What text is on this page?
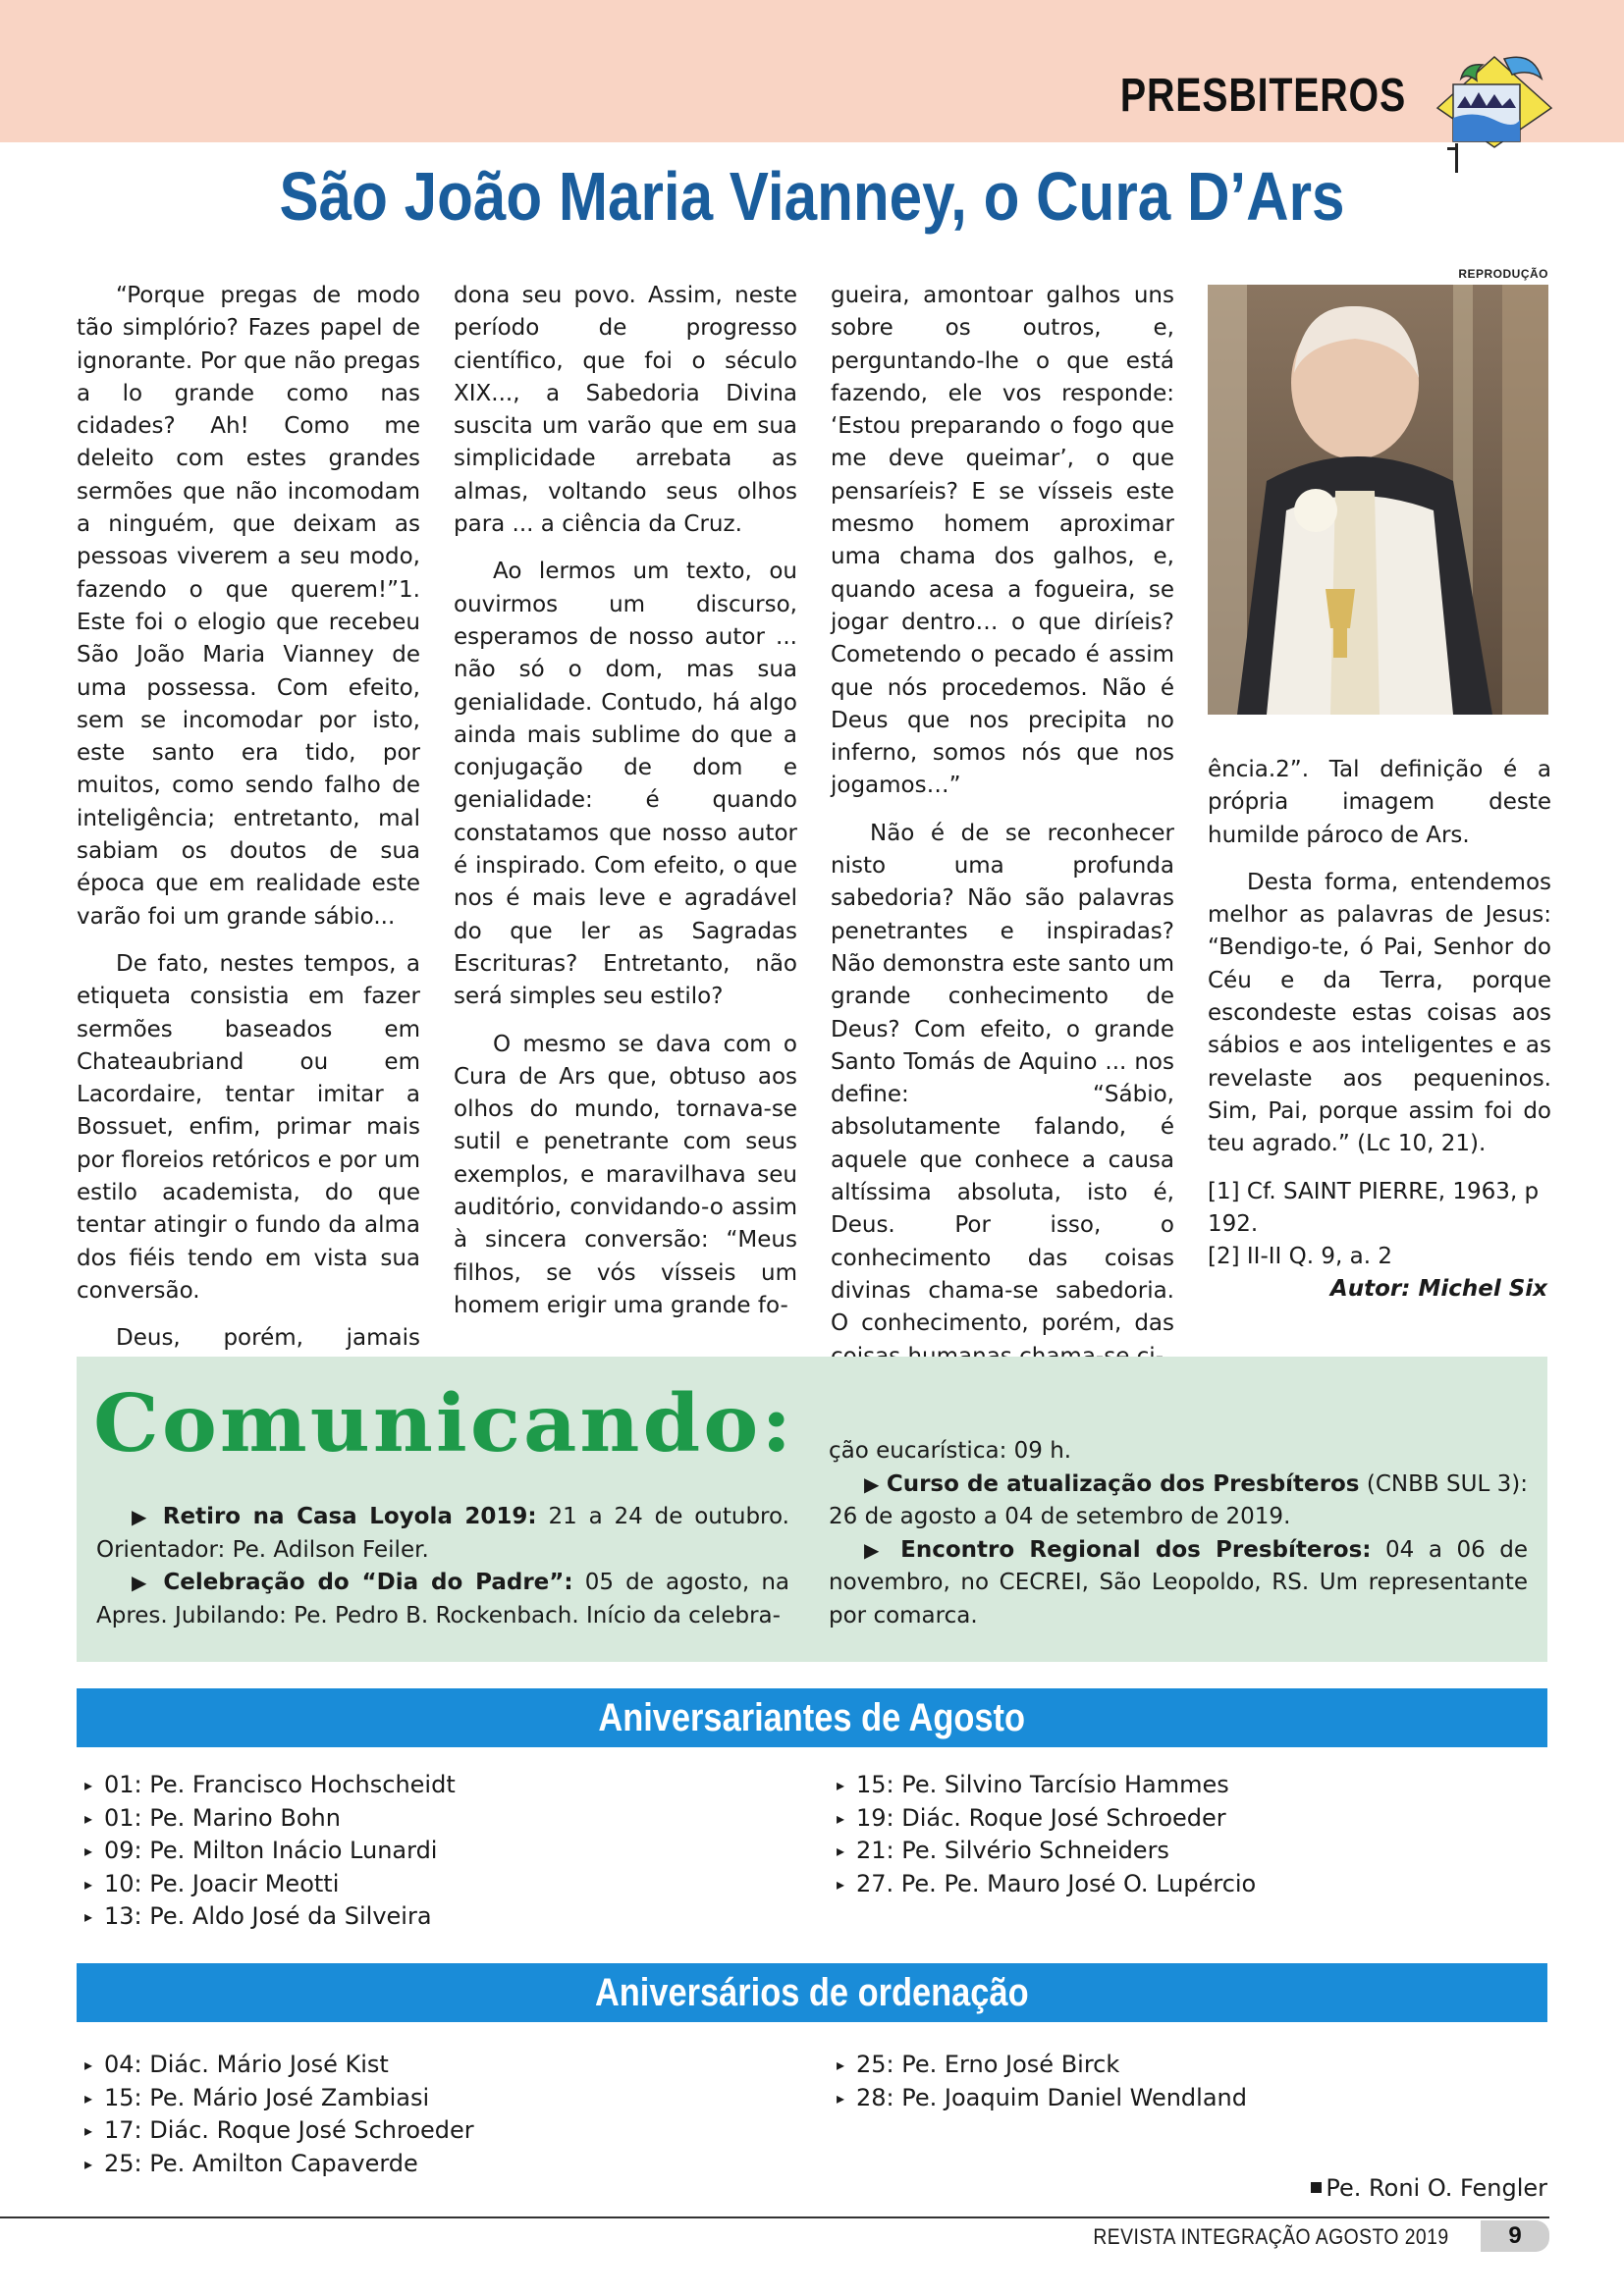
PRESBITEROS
São João Maria Vianney, o Cura D’Ars

“Porque pregas de modo tão simplório? Fazes papel de ignorante. Por que não pregas a lo grande como nas cidades? Ah! Como me deleito com estes grandes sermões que não incomodam a ninguém, que deixam as pessoas viverem a seu modo, fazendo o que querem!”1. Este foi o elogio que recebeu São João Maria Vianney de uma possessa. Com efeito, sem se incomodar por isto, este santo era tido, por muitos, como sendo falho de inteligência; entretanto, mal sabiam os doutos de sua época que em realidade este varão foi um grande sábio...

De fato, nestes tempos, a etiqueta consistia em fazer sermões baseados em Chateaubriand ou em Lacordaire, tentar imitar a Bossuet, enfim, primar mais por floreios retóricos e por um estilo academista, do que tentar atingir o fundo da alma dos fiéis tendo em vista sua conversão.

Deus, porém, jamais

dona seu povo. Assim, neste período de progresso científico, que foi o século XIX..., a Sabedoria Divina suscita um varão que em sua simplicidade arrebata as almas, voltando seus olhos para ... a ciência da Cruz.

Ao lermos um texto, ou ouvirmos um discurso, esperamos de nosso autor ... não só o dom, mas sua genialidade. Contudo, há algo ainda mais sublime do que a conjugação de dom e genialidade: é quando constatamos que nosso autor é inspirado. Com efeito, o que nos é mais leve e agradável do que ler as Sagradas Escrituras? Entretanto, não será simples seu estilo?

O mesmo se dava com o Cura de Ars que, obtuso aos olhos do mundo, tornava-se sutil e penetrante com seus exemplos, e maravilhava seu auditório, convidando-o assim à sincera conversão: “Meus filhos, se vós vísseis um homem erigir uma grande fo-

gueira, amontoar galhos uns sobre os outros, e, perguntando-lhe o que está fazendo, ele vos responde: ‘Estou preparando o fogo que me deve queimar’, o que pensaríeis? E se vísseis este mesmo homem aproximar uma chama dos galhos, e, quando acesa a fogueira, se jogar dentro… o que diríeis? Cometendo o pecado é assim que nós procedemos. Não é Deus que nos precipita no inferno, somos nós que nos jogamos…”

Não é de se reconhecer nisto uma profunda sabedoria? Não são palavras penetrantes e inspiradas? Não demonstra este santo um grande conhecimento de Deus? Com efeito, o grande Santo Tomás de Aquino ... nos define: “Sábio, absolutamente falando, é aquele que conhece a causa altíssima absoluta, isto é, Deus. Por isso, o conhecimento das coisas divinas chama-se sabedoria. O conhecimento, porém, das

REPRODUÇÃO

ência.2”. Tal definição é a própria imagem deste humilde pároco de Ars.

Desta forma, entendemos melhor as palavras de Jesus: “Bendigo-te, ó Pai, Senhor do Céu e da Terra, porque escondeste estas coisas aos sábios e aos inteligentes e as revelaste aos pequeninos. Sim, Pai, porque assim foi do teu agrado.” (Lc 10, 21).

[1] Cf. SAINT PIERRE, 1963, p 192.
[2] II-II Q. 9, a. 2
Autor: Michel Six
Comunicando:

▶ Retiro na Casa Loyola 2019: 21 a 24 de outubro. Orientador: Pe. Adilson Feiler.

▶ Celebração do “Dia do Padre”: 05 de agosto, na Apres. Jubilando: Pe. Pedro B. Rockenbach. Início da celebra-

ção eucarística: 09 h.

▶ Curso de atualização dos Presbíteros (CNBB SUL 3): 26 de agosto a 04 de setembro de 2019.

▶ Encontro Regional dos Presbíteros: 04 a 06 de novembro, no CECREI, São Leopoldo, RS. Um representante por comarca.

Aniversariantes de Agosto
▸ 01: Pe. Francisco Hochscheidt
▸ 01: Pe. Marino Bohn
▸ 09: Pe. Milton Inácio Lunardi
▸ 10: Pe. Joacir Meotti
▸ 13: Pe. Aldo José da Silveira
▸ 15: Pe. Silvino Tarcísio Hammes
▸ 19: Diác. Roque José Schroeder
▸ 21: Pe. Silvério Schneiders
▸ 27. Pe. Pe. Mauro José O. Lupércio
Aniversários de ordenação
▸ 04: Diác. Mário José Kist
▸ 15: Pe. Mário José Zambiasi
▸ 17: Diác. Roque José Schroeder
▸ 25: Pe. Amilton Capaverde
▸ 25: Pe. Erno José Birck
▸ 28: Pe. Joaquim Daniel Wendland
Pe. Roni O. Fengler
REVISTA INTEGRAÇÃO AGOSTO 2019	9
